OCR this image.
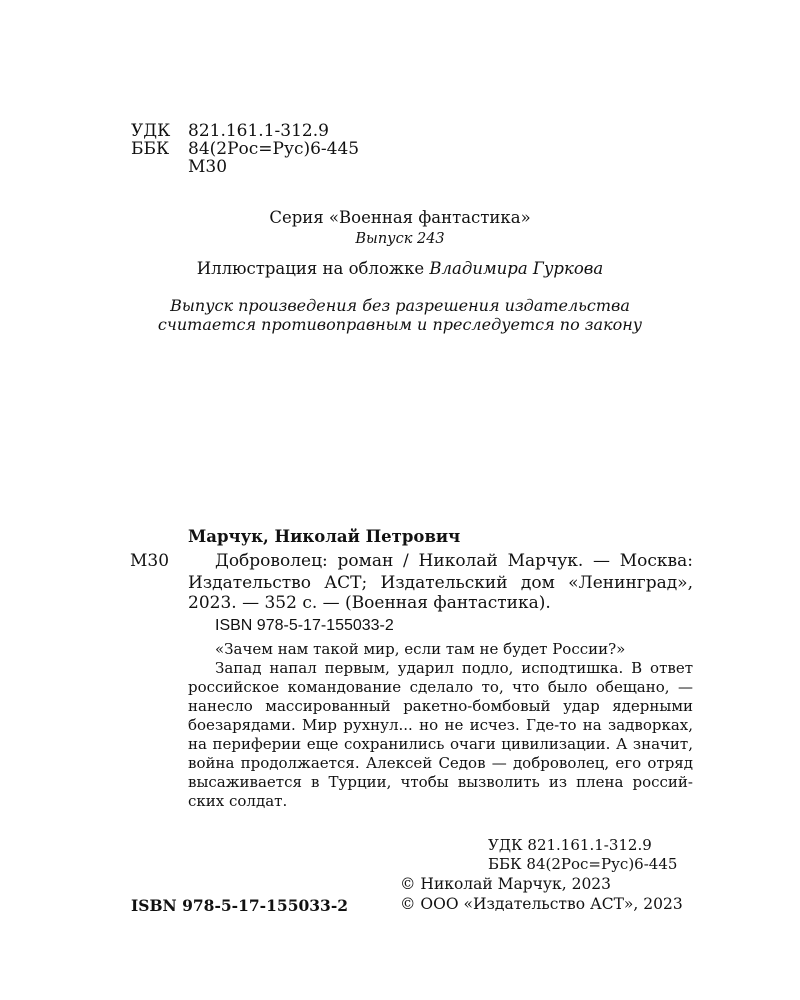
УДК 821.161.1-312.9
ББК 84(2Рос=Рус)6-445
М30
Серия «Военная фантастика»
Выпуск 243
Иллюстрация на обложке Владимира Гуркова
Выпуск произведения без разрешения издательства
считается противоправным и преследуется по закону
Марчук, Николай Петрович
М30	Доброволец: роман / Николай Марчук. — Москва:
Издательство АСТ; Издательский дом «Ленинград»,
2023. — 352 с. — (Военная фантастика).
ISBN 978-5-17-155033-2
«Зачем нам такой мир, если там не будет России?»
Запад напал первым, ударил подло, исподтишка. В ответ
российское командование сделало то, что было обещано, —
нанесло массированный ракетно-бомбовый удар ядерными
боезарядами. Мир рухнул... но не исчез. Где-то на задворках,
на периферии еще сохранились очаги цивилизации. А значит,
война продолжается. Алексей Седов — доброволец, его отряд
высаживается в Турции, чтобы вызволить из плена россий-
ских солдат.
УДК 821.161.1-312.9
ББК 84(2Рос=Рус)6-445
© Николай Марчук, 2023
© ООО «Издательство АСТ», 2023
ISBN 978-5-17-155033-2
